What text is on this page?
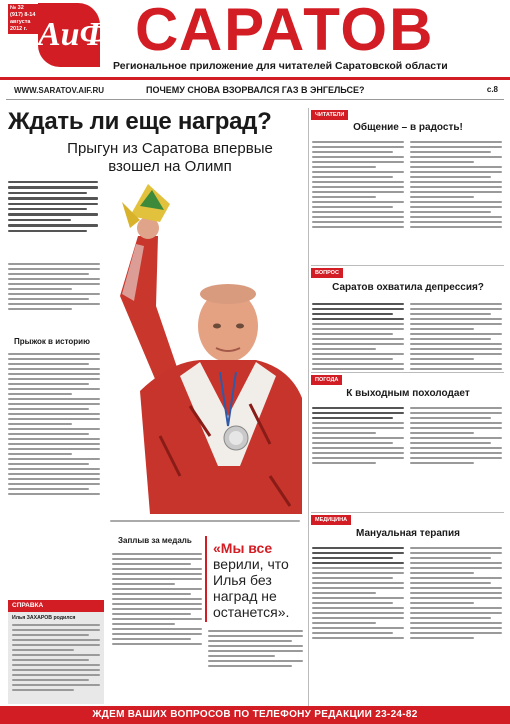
№ 32 (917) 8-14 августа 2012 г. АиФ САРАТОВ
Региональное приложение для читателей Саратовской области
WWW.SARATOV.AIF.RU	ПОЧЕМУ СНОВА ВЗОРВАЛСЯ ГАЗ В ЭНГЕЛЬСЕ?	с.8
Ждать ли еще наград?
Прыгун из Саратова впервые взошел на Олимп
Прыжок в историю
Заплыв за медаль «Мы все
верили, что Илья без наград не останется».
СПРАВКА
Илья ЗАХАРОВ родился
ЧИТАТЕЛИ
Общение – в радость!
ВОПРОС
Саратов охватила депрессия?
ПОГОДА
К выходным похолодает
МЕДИЦИНА
Мануальная терапия
ЖДЕМ ВАШИХ ВОПРОСОВ ПО ТЕЛЕФОНУ РЕДАКЦИИ 23-24-82
